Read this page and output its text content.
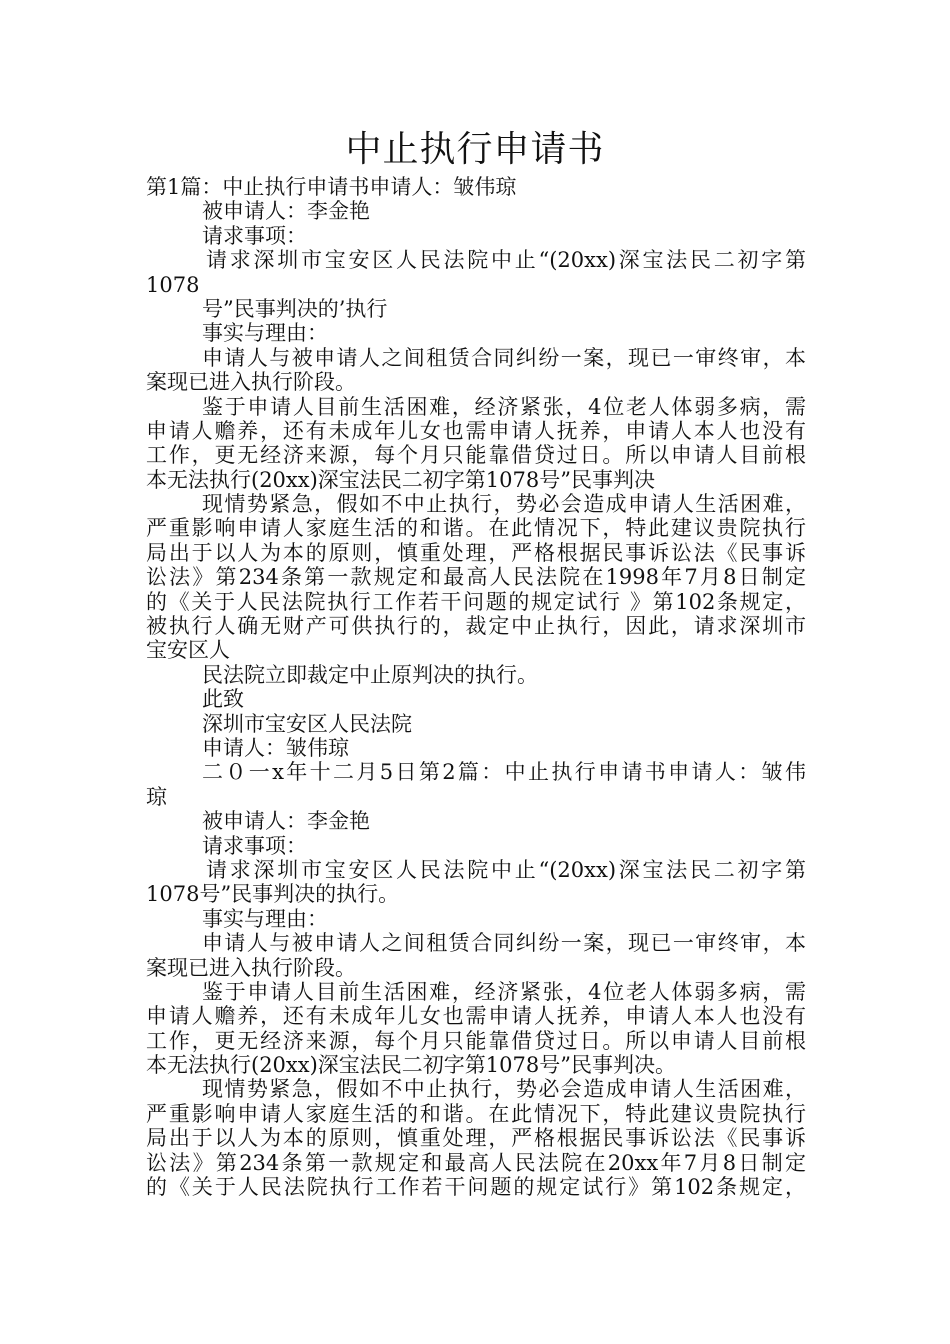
中止执行申请书
第1篇：中止执行申请书申请人：皱伟琼
被申请人：李金艳
请求事项：
请求深圳市宝安区人民法院中止“(20xx)深宝法民二初字第
1078
号”民事判决的’执行
事实与理由：
申请人与被申请人之间租赁合同纠纷一案，现已一审终审，本
案现已进入执行阶段。
鉴于申请人目前生活困难，经济紧张，4位老人体弱多病，需
申请人赡养，还有未成年儿女也需申请人抚养，申请人本人也没有
工作，更无经济来源，每个月只能靠借贷过日。所以申请人目前根
本无法执行(20xx)深宝法民二初字第1078号”民事判决
现情势紧急，假如不中止执行，势必会造成申请人生活困难，
严重影响申请人家庭生活的和谐。在此情况下，特此建议贵院执行
局出于以人为本的原则，慎重处理，严格根据民事诉讼法《民事诉
讼法》第234条第一款规定和最高人民法院在1998年7月8日制定
的《关于人民法院执行工作若干问题的规定试行 》第102条规定，
被执行人确无财产可供执行的，裁定中止执行，因此，请求深圳市
宝安区人
民法院立即裁定中止原判决的执行。
此致
深圳市宝安区人民法院
申请人：皱伟琼
二０一x年十二月5日第2篇：中止执行申请书申请人：皱伟
琼
被申请人：李金艳
请求事项：
请求深圳市宝安区人民法院中止“(20xx)深宝法民二初字第
1078号”民事判决的执行。
事实与理由：
申请人与被申请人之间租赁合同纠纷一案，现已一审终审，本
案现已进入执行阶段。
鉴于申请人目前生活困难，经济紧张，4位老人体弱多病，需
申请人赡养，还有未成年儿女也需申请人抚养，申请人本人也没有
工作，更无经济来源，每个月只能靠借贷过日。所以申请人目前根
本无法执行(20xx)深宝法民二初字第1078号”民事判决。
现情势紧急，假如不中止执行，势必会造成申请人生活困难，
严重影响申请人家庭生活的和谐。在此情况下，特此建议贵院执行
局出于以人为本的原则，慎重处理，严格根据民事诉讼法《民事诉
讼法》第234条第一款规定和最高人民法院在20xx年7月8日制定
的《关于人民法院执行工作若干问题的规定试行》第102条规定，
